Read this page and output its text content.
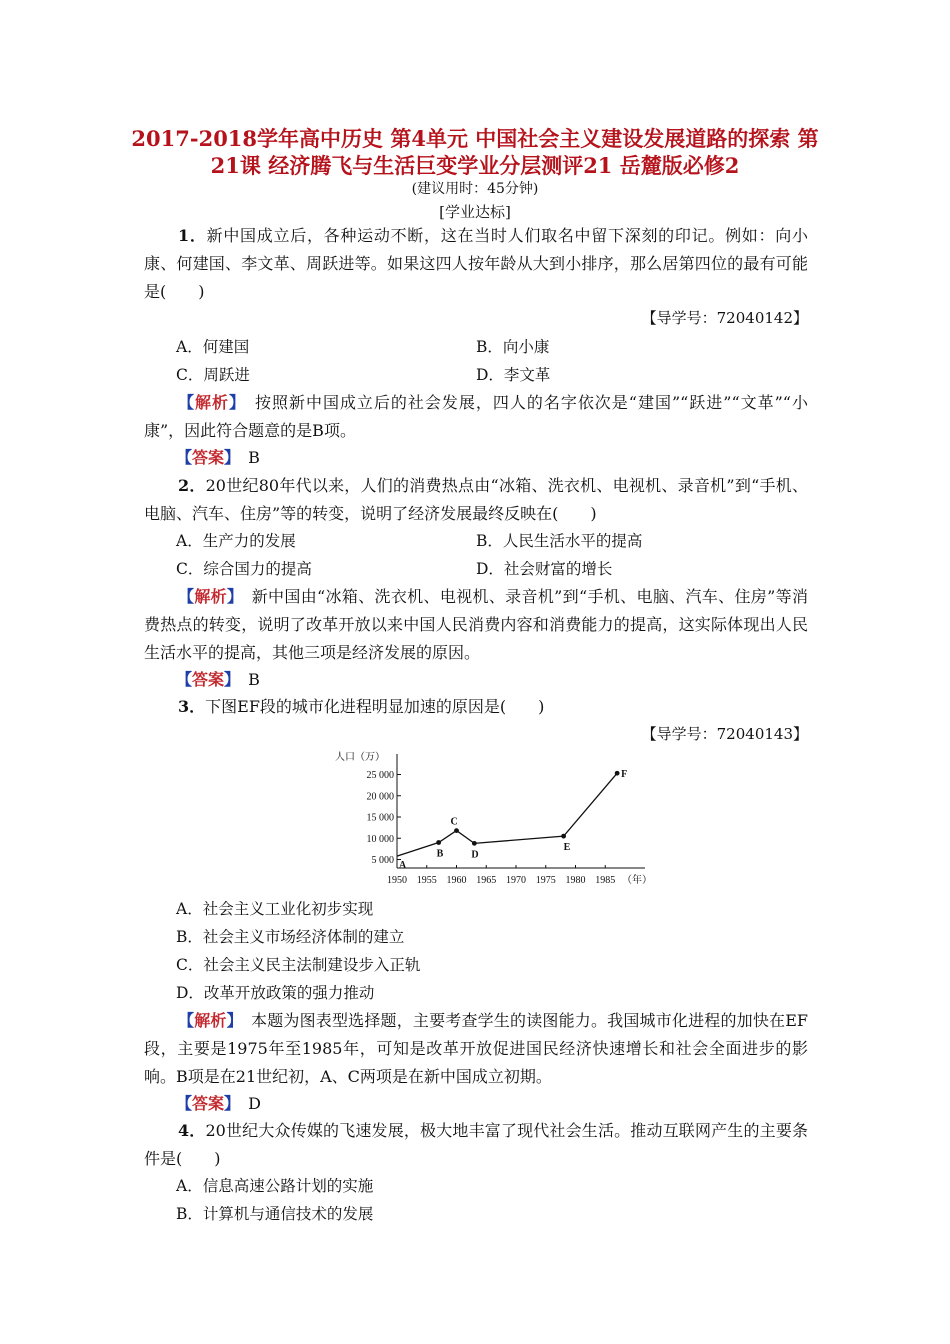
2017-2018学年高中历史 第4单元 中国社会主义建设发展道路的探索 第21课 经济腾飞与生活巨变学业分层测评21 岳麓版必修2
(建议用时：45分钟)
[学业达标]
1．新中国成立后，各种运动不断，这在当时人们取名中留下深刻的印记。例如：向小康、何建国、李文革、周跃进等。如果这四人按年龄从大到小排序，那么居第四位的最有可能是(　　)
【导学号：72040142】
A．何建国	B．向小康
C．周跃进	D．李文革
【解析】　 按照新中国成立后的社会发展，四人的名字依次是“建国”“跃进”“文革”“小康”，因此符合题意的是B项。
【答案】　 B
2．20世纪80年代以来，人们的消费热点由“冰箱、洗衣机、电视机、录音机”到“手机、电脑、汽车、住房”等的转变，说明了经济发展最终反映在(　　)
A．生产力的发展	B．人民生活水平的提高
C．综合国力的提高	D．社会财富的增长
【解析】　 新中国由“冰箱、洗衣机、电视机、录音机”到“手机、电脑、汽车、住房”等消费热点的转变，说明了改革开放以来中国人民消费内容和消费能力的提高，这实际体现出人民生活水平的提高，其他三项是经济发展的原因。
【答案】　 B
3．下图EF段的城市化进程明显加速的原因是(　　)
【导学号：72040143】
5 000
10 000
15 000
20 000
25 000
1950 1955 1960 1965 1970 1975 1980 1985
人口（万）
（年）
A
B
C
D
E
F
A．社会主义工业化初步实现
B．社会主义市场经济体制的建立
C．社会主义民主法制建设步入正轨
D．改革开放政策的强力推动
【解析】　 本题为图表型选择题，主要考查学生的读图能力。我国城市化进程的加快在EF段，主要是1975年至1985年，可知是改革开放促进国民经济快速增长和社会全面进步的影响。B项是在21世纪初，A、C两项是在新中国成立初期。
【答案】　 D
4．20世纪大众传媒的飞速发展，极大地丰富了现代社会生活。推动互联网产生的主要条件是(　　)
A．信息高速公路计划的实施
B．计算机与通信技术的发展
